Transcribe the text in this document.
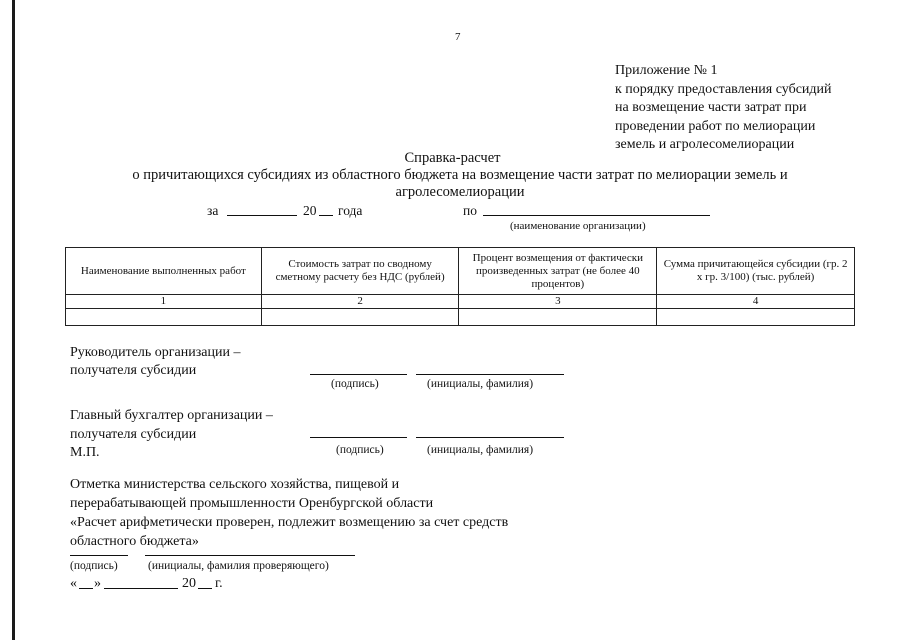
7
Приложение № 1
к порядку предоставления субсидий
на возмещение части затрат при
проведении работ по мелиорации
земель и агролесомелиорации
Справка-расчет
о причитающихся субсидиях из областного бюджета на возмещение части затрат по мелиорации земель и агролесомелиорации
за	20 года	по
(наименование организации)
Наименование выполненных работ	Стоимость затрат по сводному сметному расчету без НДС (рублей)	Процент возмещения от фактически произведенных затрат (не более 40 процентов)	Сумма причитающейся субсидии (гр. 2 х гр. 3/100) (тыс. рублей)
1	2	3	4

Руководитель организации –
получателя субсидии
(подпись)	(инициалы, фамилия)
Главный бухгалтер организации –
получателя субсидии
М.П.	(подпись)	(инициалы, фамилия)
Отметка министерства сельского хозяйства, пищевой и
перерабатывающей промышленности Оренбургской области
«Расчет арифметически проверен, подлежит возмещению за счет средств
областного бюджета»
(подпись)	(инициалы, фамилия проверяющего)
« »	20 г.
